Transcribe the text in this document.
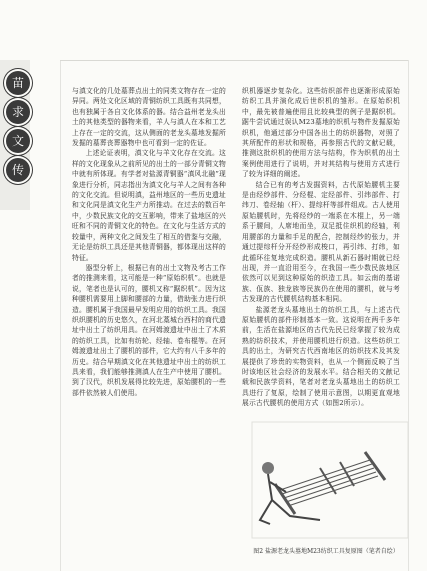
苗
求
文
传

与滇文化的几处墓葬点出土的同类文物存在一定的异同。两处文化区域的青铜纺织工具既有共同想，也有独属于各自文化体系的器。结合益州老龙头出土的其他类型的器物来看，羊人与滇人在本和工艺上存在一定的交流，这从侧面的老龙头墓地发掘所发掘的墓葬丧葬器物中也可看到一定的佐证。

上述论证表明，滇文化与羊文化存在交流。这样的文化现象从之前所见的出土的一部分青铜文物中就有所体现。有学者对盐源青铜器“滇风北融”现象进行分析，同志指出为滇文化与羊人之间有各种的文化交流。但说明滇，益州地区的一些历史遗址和文化同是滇文化生产力所推动。在过去的数百年中，少数民族文化的交互影响，带来了盐地区的兴旺和不同的青铜文化的特色。在文化与生活方式的较量中，两种文化之间发生了相互的借鉴与交融，无论是纺织工具还是其他青铜器，都体现出这样的特征。

器型分析上，根据已有的出土文物及考古工作者的推测来看，这可能是一种“原始织机”。也就是说，笔者也是认可的，腰机又称“踞织机”。因为这种腰机需要用上脚和腰部的力量，借助张力进行织造。腰机属于我国最早发明应用的纺织工具。我国织织腰机的历史悠久，在河北藁城台西村的商代遗址中出土了纺织用具。在河姆渡遗址中出土了木质的纺织工具，比如有纺轮、经轴、卷布棍等。在河姆渡遗址出土了腰机的部件，它大约有八千多年的历史。结合早期滇文化在其他遗址中出土的纺织工具来看，我们能够推测滇人在生产中使用了腰机。到了汉代，织机发展得比较先进，原始腰机的一些部件依然被人们使用。

织机器逐步复杂化。这些纺织部件也逐渐形成原始纺织工具并演化成后世织机的雏形。在原始织机中，最先被普遍使用且比较典型的例子是踞织机。踞牛尝试通过误认M23墓地的织机与物件发掘原始织机，他通过部分中国各出土的纺织器物，对照了其所配件的形状和规格，再参照古代的文献记载，推测这批织机的使用方法与结构，作为织机的出土案例使用进行了说明，并对其结构与使用方式进行了较为详细的阐述。

结合已有的考古发掘资料，古代原始腰机主要是由经纱部件、分经棍、定经部件、引纬部件、打纬刀、卷经轴（杆）、提综杆等部件组成。古人使用原始腰机时，先将经纱的一端系在木棍上，另一端系于腰间，人席地而坐，双足抵住织机的经轴，利用腰部的力量和手足的配合，控制经纱的张力，并通过提综杆分开经纱形成梭口，再引纬、打纬，如此循环往复地完成织造。腰机从新石器时期就已经出现，并一直沿用至今，在我国一些少数民族地区依然可以见到这种原始的织造工具。如云南的基诺族、佤族、独龙族等民族仍在使用的腰机，就与考古发现的古代腰机结构基本相同。

盐源老龙头墓地出土的纺织工具，与上述古代原始腰机的部件形制基本一致。这说明在两千多年前，生活在盐源地区的古代先民已经掌握了较为成熟的纺织技术，并使用腰机进行织造。这些纺织工具的出土，为研究古代西南地区的纺织技术及其发展提供了珍贵的实物资料，也从一个侧面反映了当时该地区社会经济的发展水平。结合相关的文献记载和民族学资料，笔者对老龙头墓地出土的纺织工具进行了复原，绘制了使用示意图，以期更直观地展示古代腰机的使用方式（如图2所示）。

图2 盐源老龙头墓地M23纺织工具复原图（笔者自绘）
